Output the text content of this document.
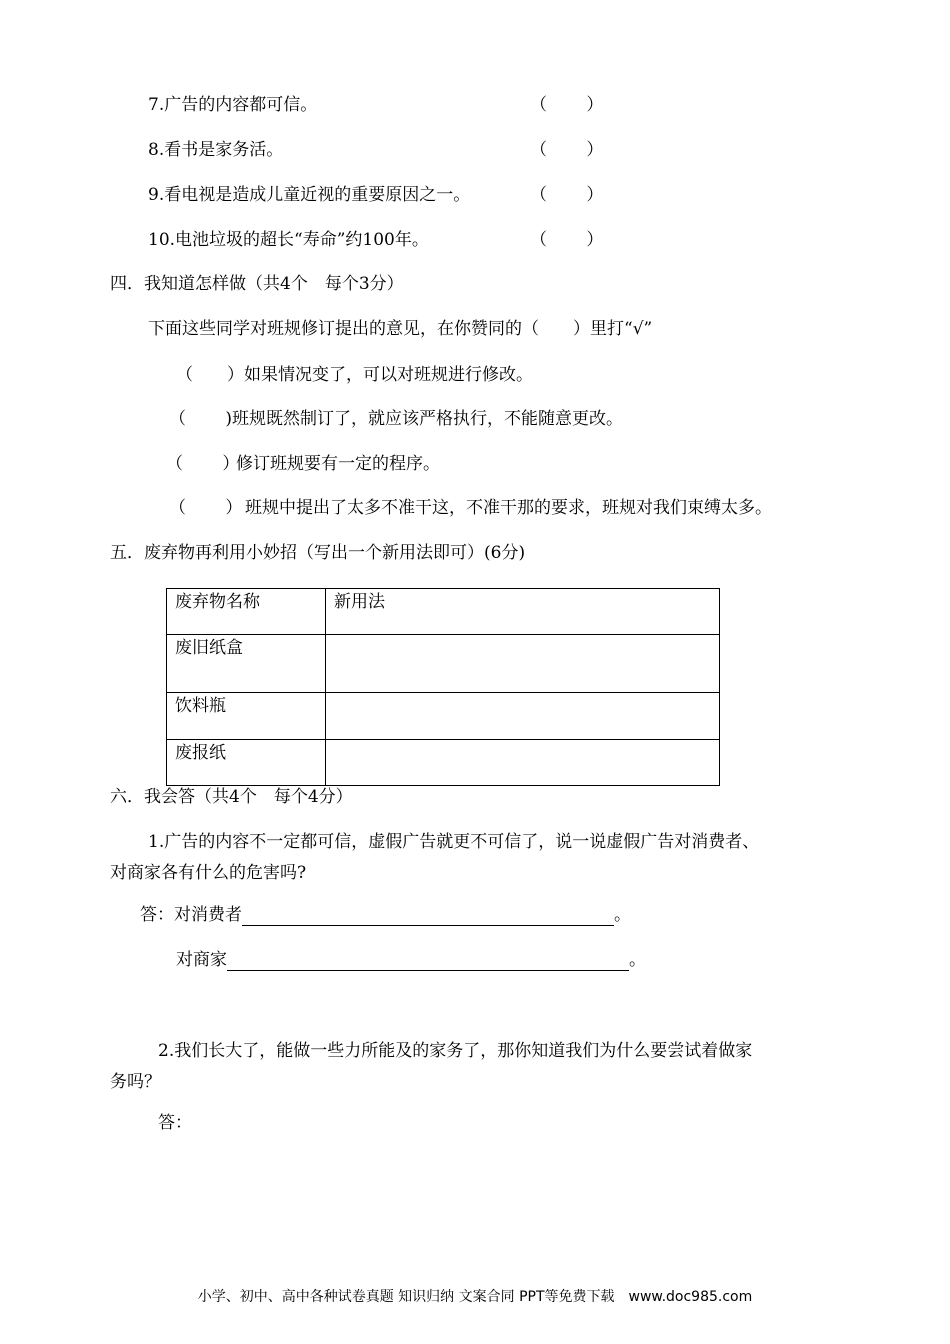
7.广告的内容都可信。	（　　 ）
8.看书是家务活。	（　　 ）
9.看电视是造成儿童近视的重要原因之一。	（　　 ）
10.电池垃圾的超长“寿命”约100年。	（　　 ）
四．我知道怎样做（共4个　每个3分）
下面这些同学对班规修订提出的意见，在你赞同的（　　）里打“√”
（　　） 如果情况变了，可以对班规进行修改。
（　　 ) 班规既然制订了，就应该严格执行，不能随意更改。
（　　 ）
修订班规要有一定的程序。
（　　 ） 班规中提出了太多不准干这，不准干那的要求，班规对我们束缚太多。
五．废弃物再利用小妙招（写出一个新用法即可）(6分)
废弃物名称	新用法
废旧纸盒	
饮料瓶	
废报纸	
六．我会答（共4个　每个4分）
1.广告的内容不一定都可信，虚假广告就更不可信了，说一说虚假广告对消费者、
对商家各有什么的危害吗?
答：对消费者	。
对商家	。
2.我们长大了，能做一些力所能及的家务了，那你知道我们为什么要尝试着做家
务吗？
答：
小学、初中、高中各种试卷真题 知识归纳 文案合同 PPT等免费下载　www.doc985.com
